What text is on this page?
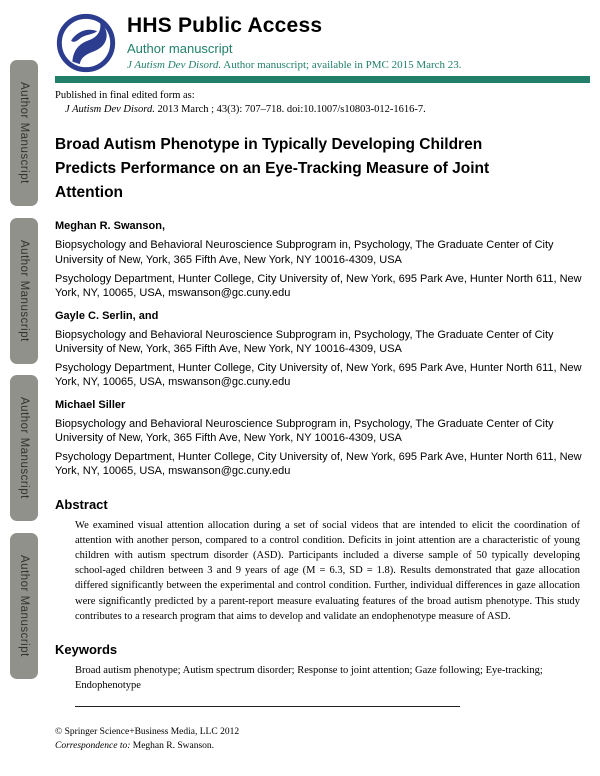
Author Manuscript
Author Manuscript
Author Manuscript
Author Manuscript
HHS Public Access
Author manuscript
J Autism Dev Disord. Author manuscript; available in PMC 2015 March 23.
Published in final edited form as:
J Autism Dev Disord. 2013 March ; 43(3): 707–718. doi:10.1007/s10803-012-1616-7.
Broad Autism Phenotype in Typically Developing Children Predicts Performance on an Eye-Tracking Measure of Joint Attention

Meghan R. Swanson,

Biopsychology and Behavioral Neuroscience Subprogram in, Psychology, The Graduate Center of City University of New, York, 365 Fifth Ave, New York, NY 10016-4309, USA

Psychology Department, Hunter College, City University of, New York, 695 Park Ave, Hunter North 611, New York, NY, 10065, USA, mswanson@gc.cuny.edu

Gayle C. Serlin, and

Biopsychology and Behavioral Neuroscience Subprogram in, Psychology, The Graduate Center of City University of New, York, 365 Fifth Ave, New York, NY 10016-4309, USA

Psychology Department, Hunter College, City University of, New York, 695 Park Ave, Hunter North 611, New York, NY, 10065, USA, mswanson@gc.cuny.edu

Michael Siller

Biopsychology and Behavioral Neuroscience Subprogram in, Psychology, The Graduate Center of City University of New, York, 365 Fifth Ave, New York, NY 10016-4309, USA

Psychology Department, Hunter College, City University of, New York, 695 Park Ave, Hunter North 611, New York, NY, 10065, USA, mswanson@gc.cuny.edu

Abstract

We examined visual attention allocation during a set of social videos that are intended to elicit the coordination of attention with another person, compared to a control condition. Deficits in joint attention are a characteristic of young children with autism spectrum disorder (ASD). Participants included a diverse sample of 50 typically developing school-aged children between 3 and 9 years of age (M = 6.3, SD = 1.8). Results demonstrated that gaze allocation differed significantly between the experimental and control condition. Further, individual differences in gaze allocation were significantly predicted by a parent-report measure evaluating features of the broad autism phenotype. This study contributes to a research program that aims to develop and validate an endophenotype measure of ASD.

Keywords

Broad autism phenotype; Autism spectrum disorder; Response to joint attention; Gaze following; Eye-tracking; Endophenotype

© Springer Science+Business Media, LLC 2012
Correspondence to: Meghan R. Swanson.
